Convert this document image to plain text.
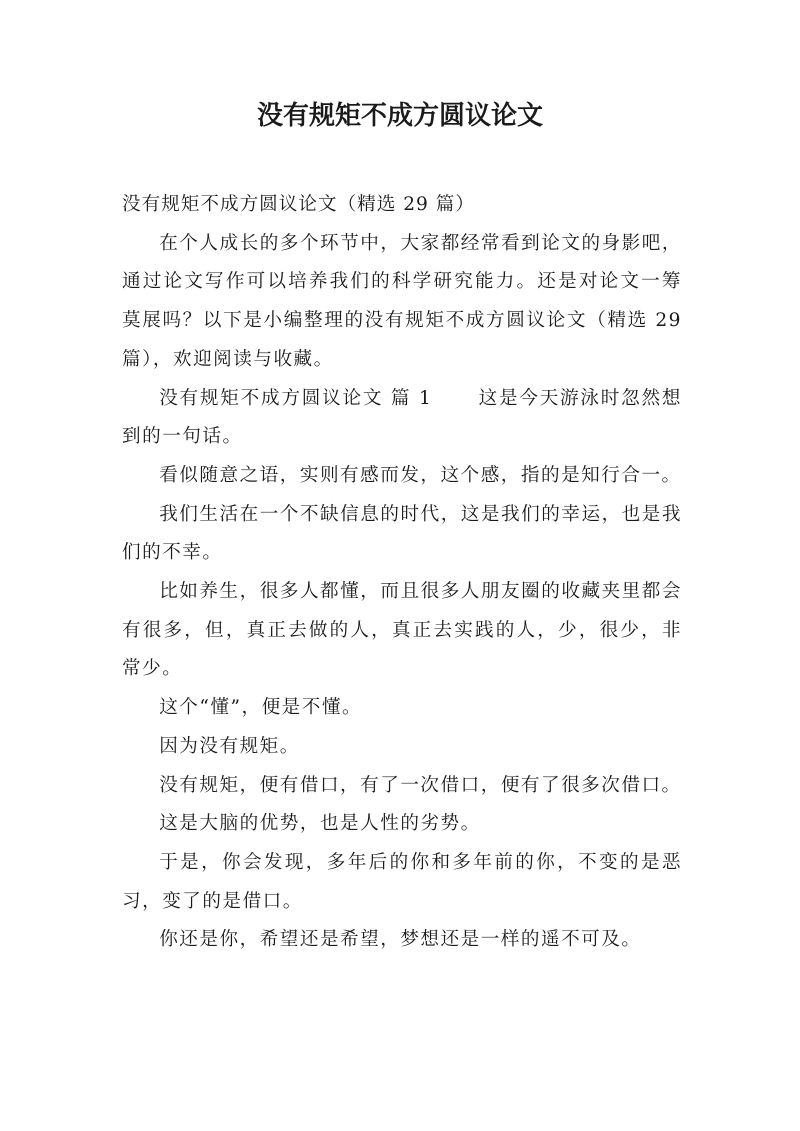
没有规矩不成方圆议论文

没有规矩不成方圆议论文（精选 29 篇）

在个人成长的多个环节中，大家都经常看到论文的身影吧，通过论文写作可以培养我们的科学研究能力。还是对论文一筹莫展吗？以下是小编整理的没有规矩不成方圆议论文（精选 29 篇），欢迎阅读与收藏。

没有规矩不成方圆议论文 篇 1 这是今天游泳时忽然想到的一句话。

看似随意之语，实则有感而发，这个感，指的是知行合一。

我们生活在一个不缺信息的时代，这是我们的幸运，也是我们的不幸。

比如养生，很多人都懂，而且很多人朋友圈的收藏夹里都会有很多，但，真正去做的人，真正去实践的人，少，很少，非常少。

这个“懂”，便是不懂。

因为没有规矩。

没有规矩，便有借口，有了一次借口，便有了很多次借口。

这是大脑的优势，也是人性的劣势。

于是，你会发现，多年后的你和多年前的你，不变的是恶习，变了的是借口。

你还是你，希望还是希望，梦想还是一样的遥不可及。
